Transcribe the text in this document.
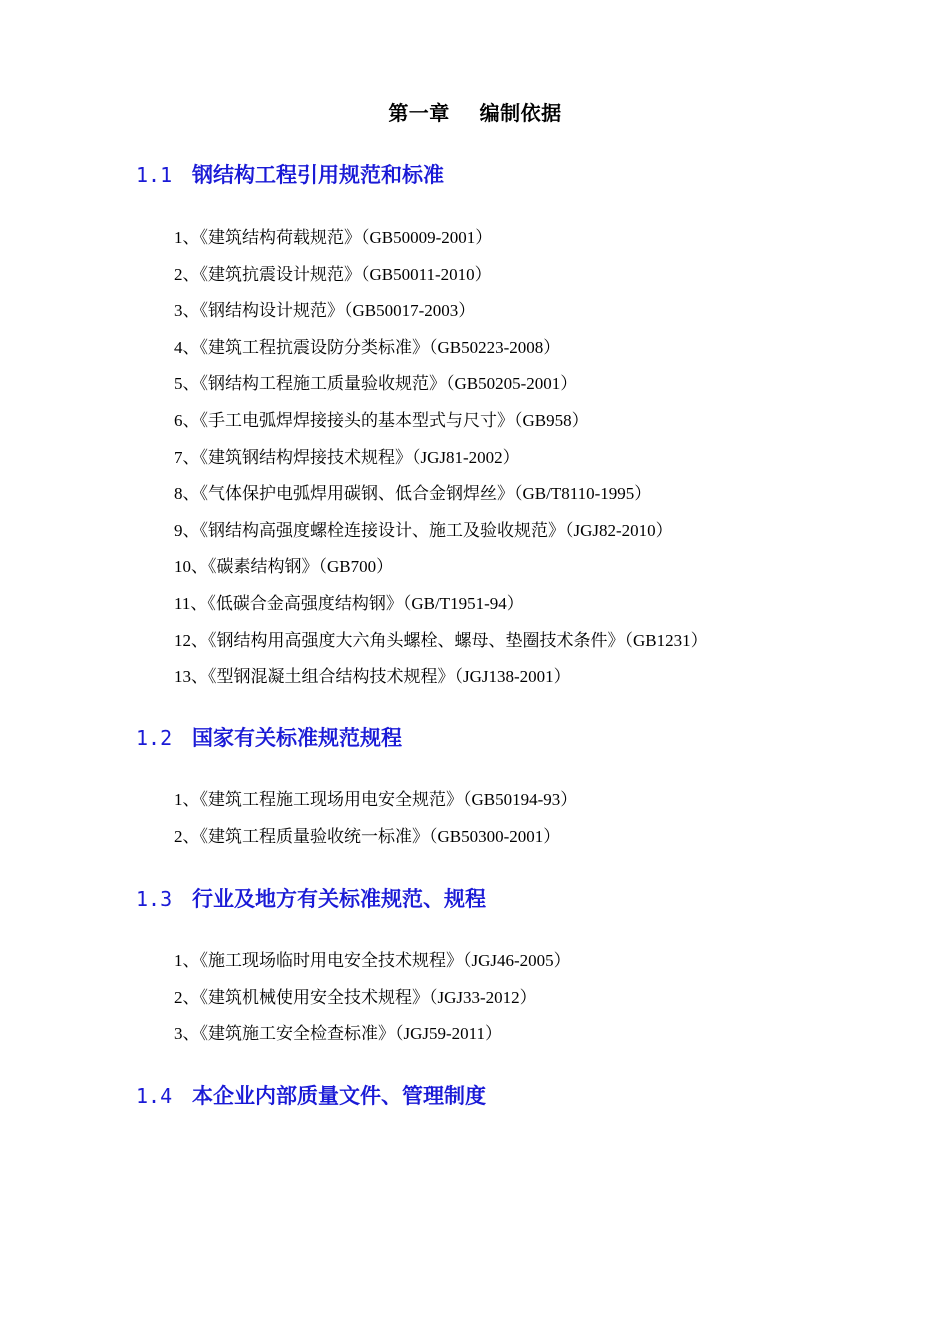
第一章    编制依据
1.1 钢结构工程引用规范和标准
1、《建筑结构荷载规范》（GB50009-2001）
2、《建筑抗震设计规范》（GB50011-2010）
3、《钢结构设计规范》（GB50017-2003）
4、《建筑工程抗震设防分类标准》（GB50223-2008）
5、《钢结构工程施工质量验收规范》（GB50205-2001）
6、《手工电弧焊焊接接头的基本型式与尺寸》（GB958）
7、《建筑钢结构焊接技术规程》（JGJ81-2002）
8、《气体保护电弧焊用碳钢、低合金钢焊丝》（GB/T8110-1995）
9、《钢结构高强度螺栓连接设计、施工及验收规范》（JGJ82-2010）
10、《碳素结构钢》（GB700）
11、《低碳合金高强度结构钢》（GB/T1951-94）
12、《钢结构用高强度大六角头螺栓、螺母、垫圈技术条件》（GB1231）
13、《型钢混凝土组合结构技术规程》（JGJ138-2001）
1.2 国家有关标准规范规程
1、《建筑工程施工现场用电安全规范》（GB50194-93）
2、《建筑工程质量验收统一标准》（GB50300-2001）
1.3 行业及地方有关标准规范、规程
1、《施工现场临时用电安全技术规程》（JGJ46-2005）
2、《建筑机械使用安全技术规程》（JGJ33-2012）
3、《建筑施工安全检查标准》（JGJ59-2011）
1.4 本企业内部质量文件、管理制度
